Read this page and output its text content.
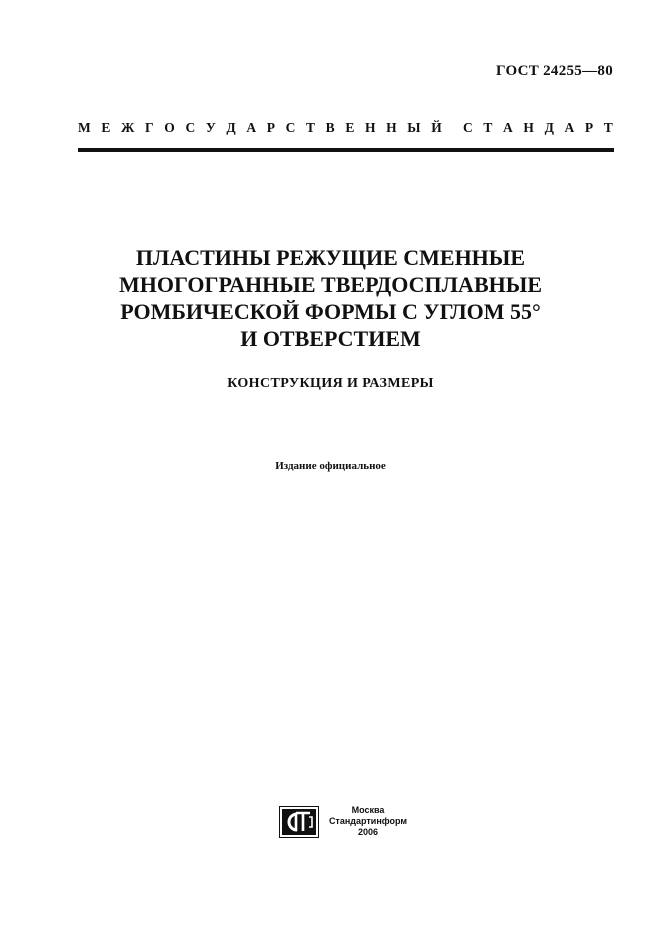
ГОСТ 24255—80
М Е Ж Г О С У Д А Р С Т В Е Н Н Ы Й С Т А Н Д А Р Т
ПЛАСТИНЫ РЕЖУЩИЕ СМЕННЫЕ
МНОГОГРАННЫЕ ТВЕРДОСПЛАВНЫЕ
РОМБИЧЕСКОЙ ФОРМЫ С УГЛОМ 55°
И ОТВЕРСТИЕМ
КОНСТРУКЦИЯ И РАЗМЕРЫ
Издание официальное
Москва
Стандартинформ
2006
